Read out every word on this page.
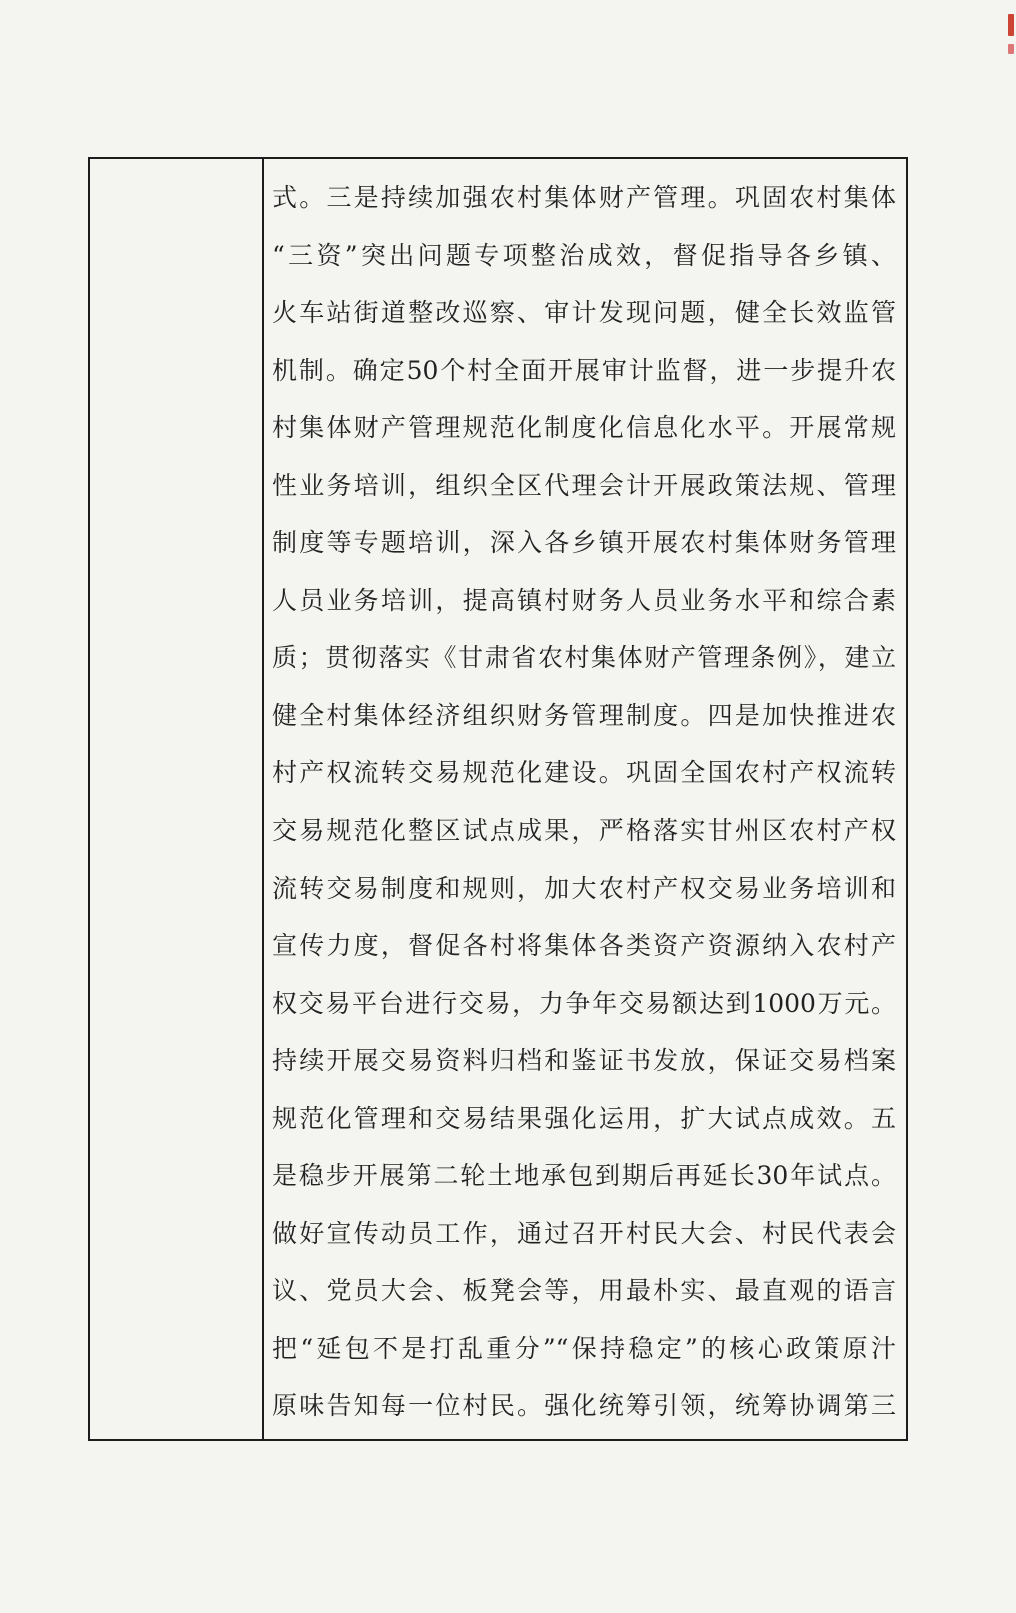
式。三是持续加强农村集体财产管理。巩固农村集体
“三资”突出问题专项整治成效，督促指导各乡镇、
火车站街道整改巡察、审计发现问题，健全长效监管
机制。确定50个村全面开展审计监督，进一步提升农
村集体财产管理规范化制度化信息化水平。开展常规
性业务培训，组织全区代理会计开展政策法规、管理
制度等专题培训，深入各乡镇开展农村集体财务管理
人员业务培训，提高镇村财务人员业务水平和综合素
质；贯彻落实《甘肃省农村集体财产管理条例》，建立
健全村集体经济组织财务管理制度。四是加快推进农
村产权流转交易规范化建设。巩固全国农村产权流转
交易规范化整区试点成果，严格落实甘州区农村产权
流转交易制度和规则，加大农村产权交易业务培训和
宣传力度，督促各村将集体各类资产资源纳入农村产
权交易平台进行交易，力争年交易额达到1000万元。
持续开展交易资料归档和鉴证书发放，保证交易档案
规范化管理和交易结果强化运用，扩大试点成效。五
是稳步开展第二轮土地承包到期后再延长30年试点。
做好宣传动员工作，通过召开村民大会、村民代表会
议、党员大会、板凳会等，用最朴实、最直观的语言
把“延包不是打乱重分”“保持稳定”的核心政策原汁
原味告知每一位村民。强化统筹引领，统筹协调第三
